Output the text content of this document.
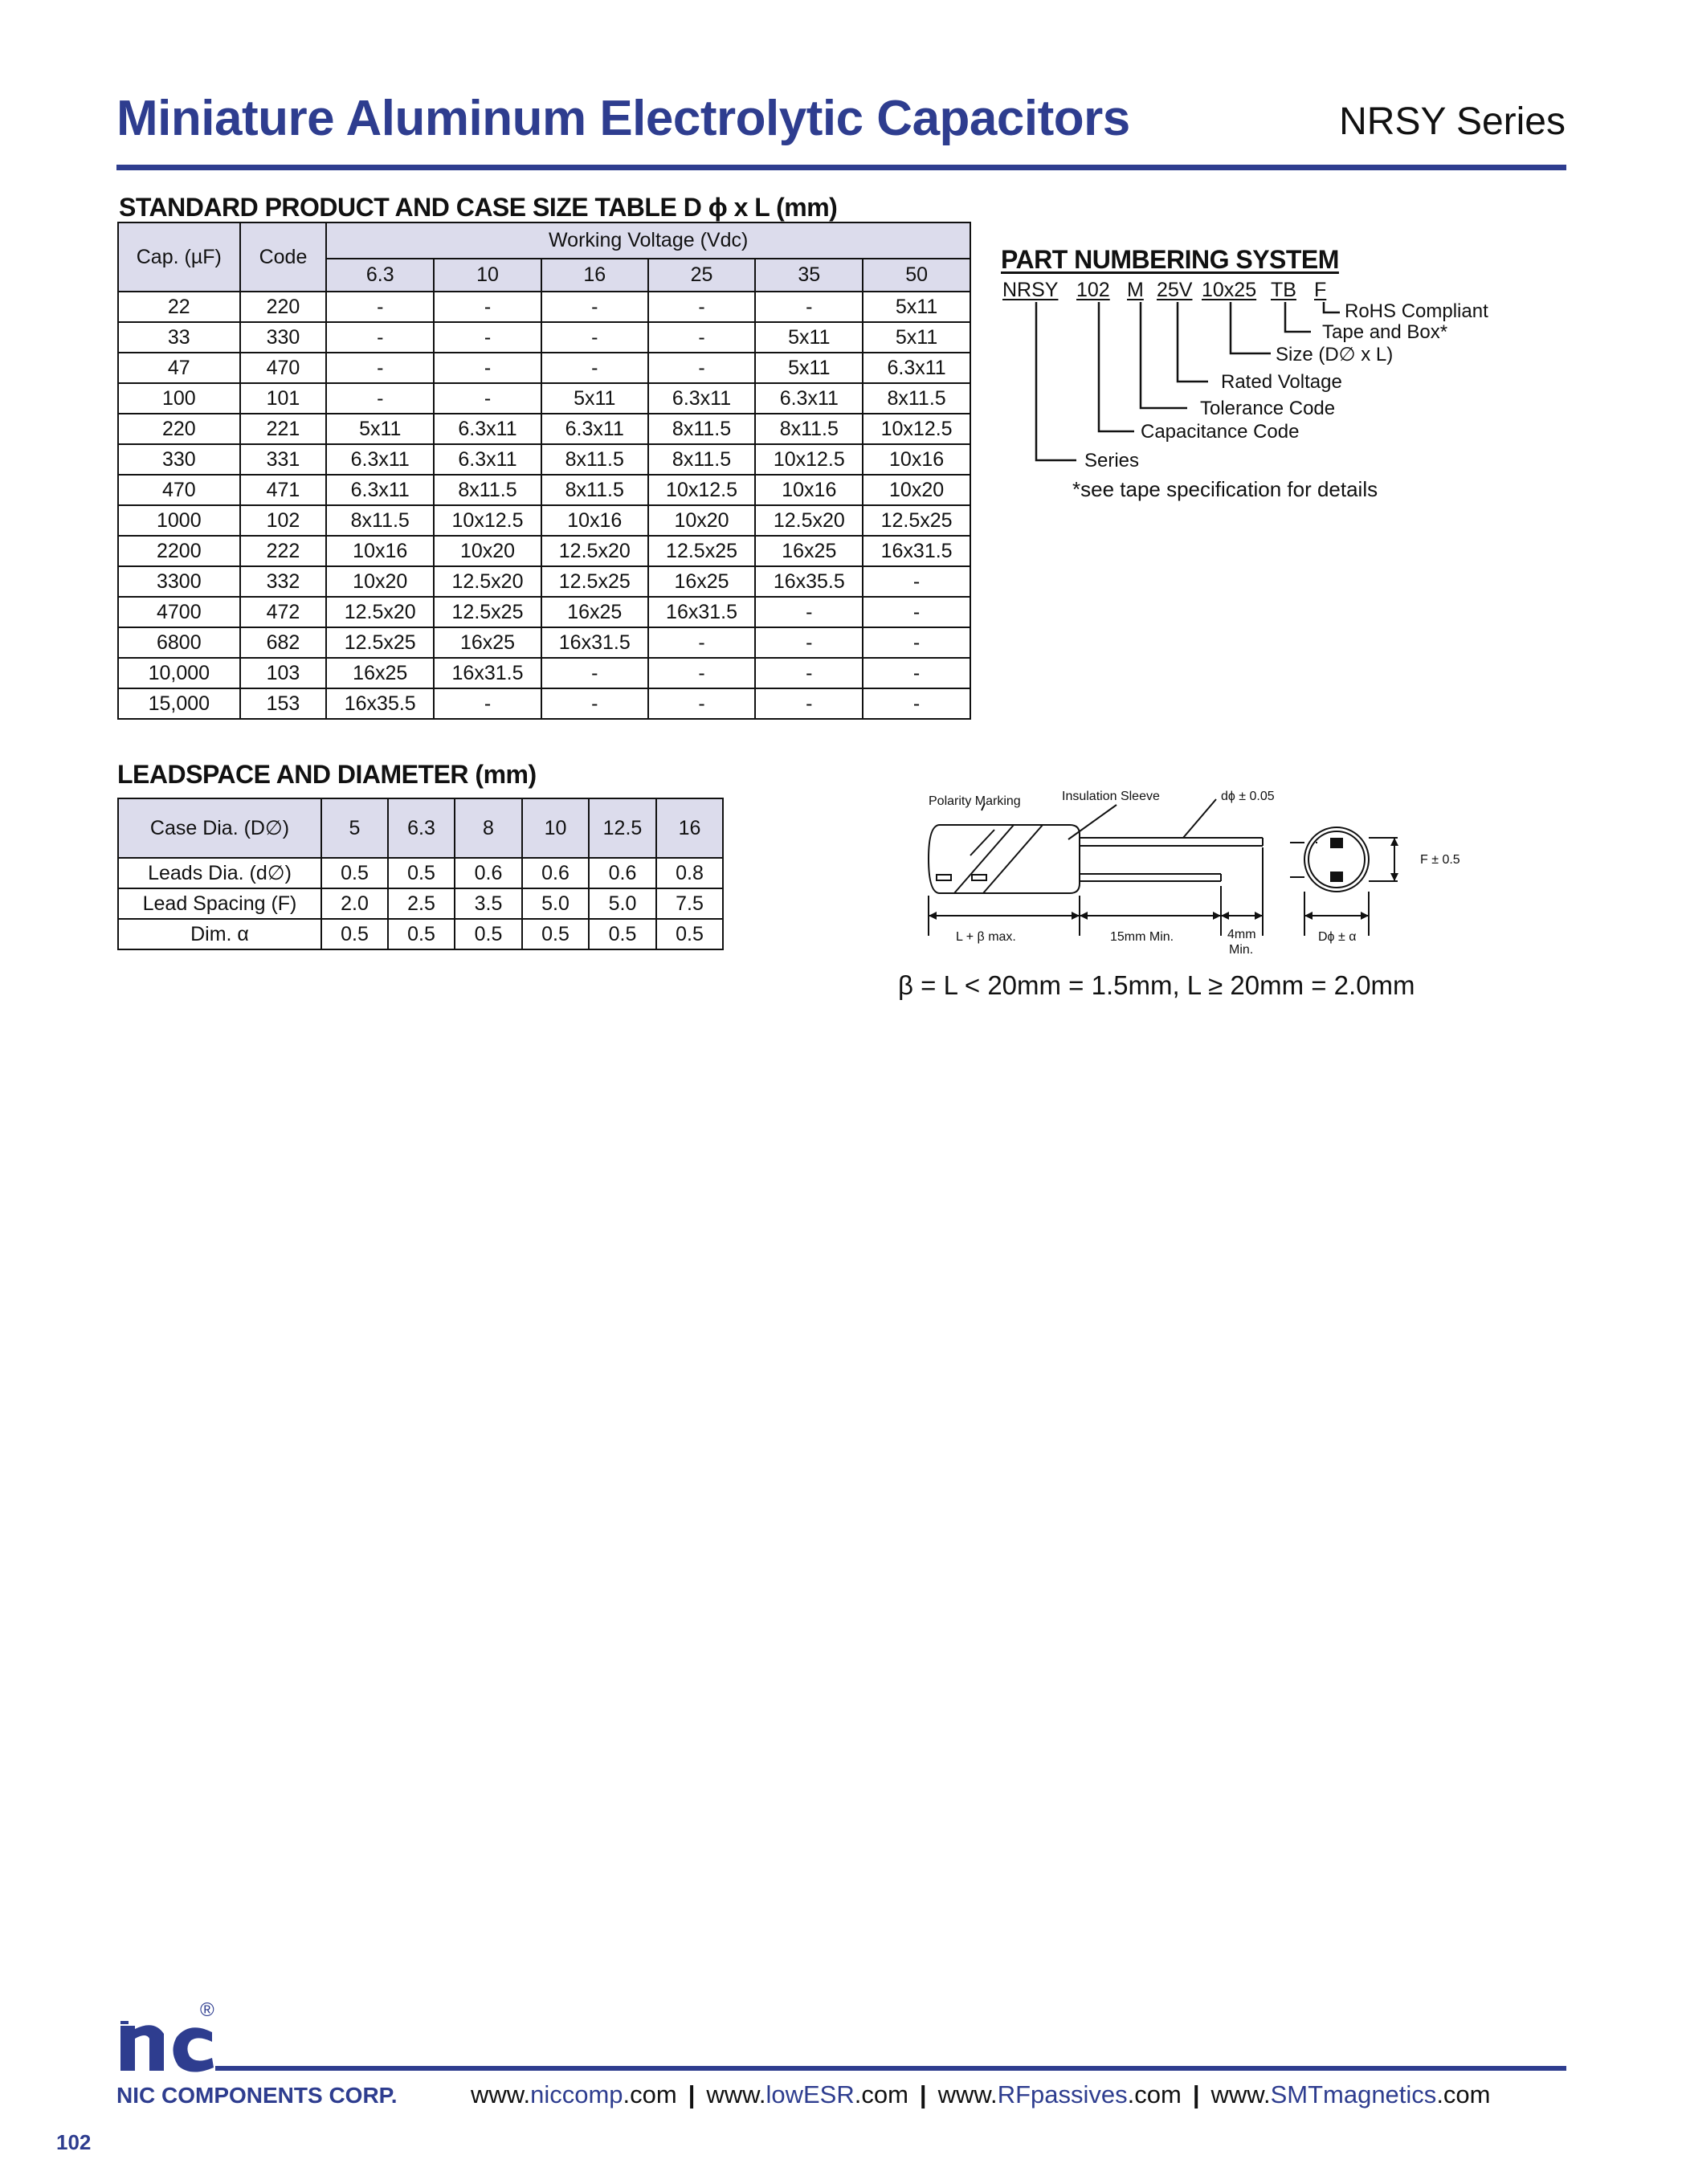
Miniature Aluminum Electrolytic Capacitors	NRSY Series
STANDARD PRODUCT AND CASE SIZE TABLE D ϕ x L (mm)
Cap. (µF)	Code	Working Voltage (Vdc)					
		6.3	10	16	25	35	50
22	220	-	-	-	-	-	5x11
33	330	-	-	-	-	5x11	5x11
47	470	-	-	-	-	5x11	6.3x11
100	101	-	-	5x11	6.3x11	6.3x11	8x11.5
220	221	5x11	6.3x11	6.3x11	8x11.5	8x11.5	10x12.5
330	331	6.3x11	6.3x11	8x11.5	8x11.5	10x12.5	10x16
470	471	6.3x11	8x11.5	8x11.5	10x12.5	10x16	10x20
1000	102	8x11.5	10x12.5	10x16	10x20	12.5x20	12.5x25
2200	222	10x16	10x20	12.5x20	12.5x25	16x25	16x31.5
3300	332	10x20	12.5x20	12.5x25	16x25	16x35.5	-
4700	472	12.5x20	12.5x25	16x25	16x31.5	-	-
6800	682	12.5x25	16x25	16x31.5	-	-	-
10,000	103	16x25	16x31.5	-	-	-	-
15,000	153	16x35.5	-	-	-	-	-
PART NUMBERING SYSTEM
NRSY 102 M 25V 10x25 TB F
RoHS Compliant
Tape and Box*
Size (D∅ x L)
Rated Voltage
Tolerance Code
Capacitance Code
Series
*see tape specification for details
LEADSPACE AND DIAMETER (mm)
Case Dia. (D∅)	5	6.3	8	10	12.5	16
Leads Dia. (d∅)	0.5	0.5	0.6	0.6	0.6	0.8
Lead Spacing (F)	2.0	2.5	3.5	5.0	5.0	7.5
Dim. α	0.5	0.5	0.5	0.5	0.5	0.5
Polarity Marking	Insulation Sleeve	dϕ ± 0.05
F ± 0.5
L + β max.	15mm Min.	4mm
Min.
Dϕ ± α
β = L < 20mm = 1.5mm, L ≥ 20mm = 2.0mm
®
NIC COMPONENTS CORP.	www.niccomp.com | www.lowESR.com | www.RFpassives.com | www.SMTmagnetics.com
102
